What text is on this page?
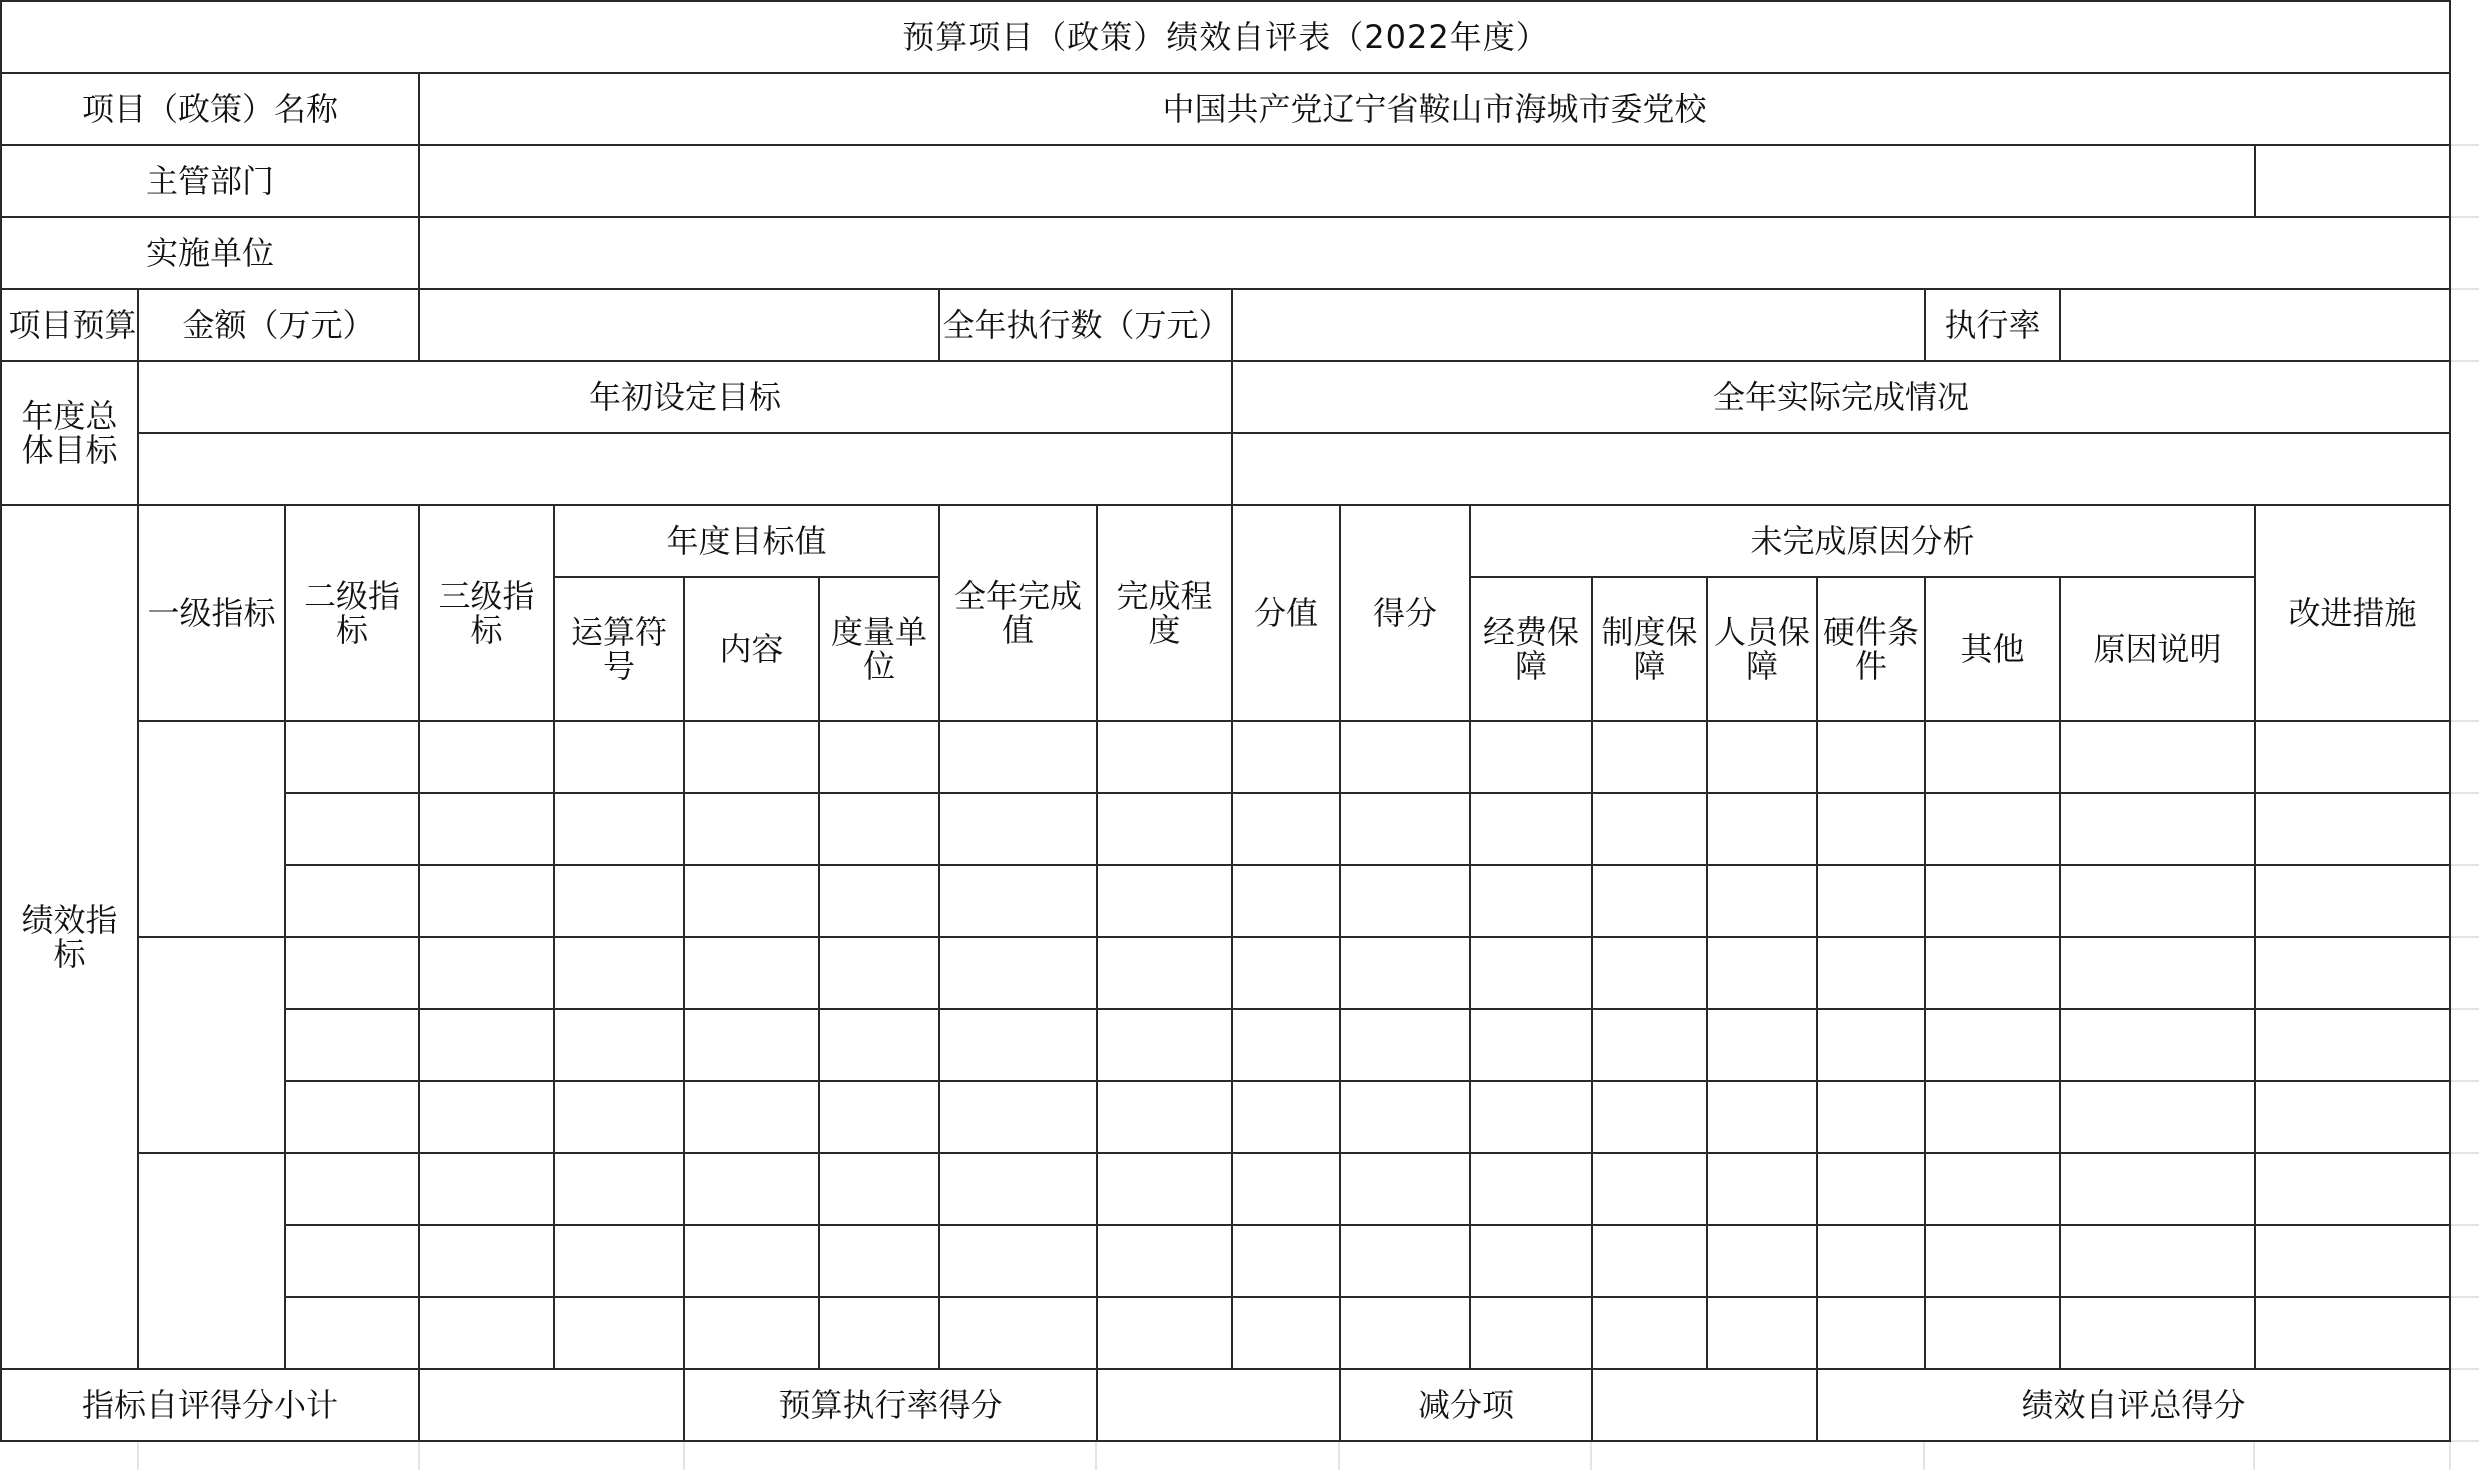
预算项目（政策）绩效自评表（2022年度）																		
项目（政策）名称			中国共产党辽宁省鞍山市海城市委党校															
主管部门																		
实施单位																		
项目预算	金额（万元）						全年执行数（万元）								执行率			
年度总体目标	年初设定目标								全年实际完成情况									

绩效指标	一级指标	二级指标	三级指标	年度目标值			全年完成值	完成程度	分值	得分	未完成原因分析						改进措施	
				运算符号	内容	度量单位					经费保障	制度保障	人员保障	硬件条件	其他	原因说明		

指标自评得分小计					预算执行率得分					减分项				绩效自评总得分				
